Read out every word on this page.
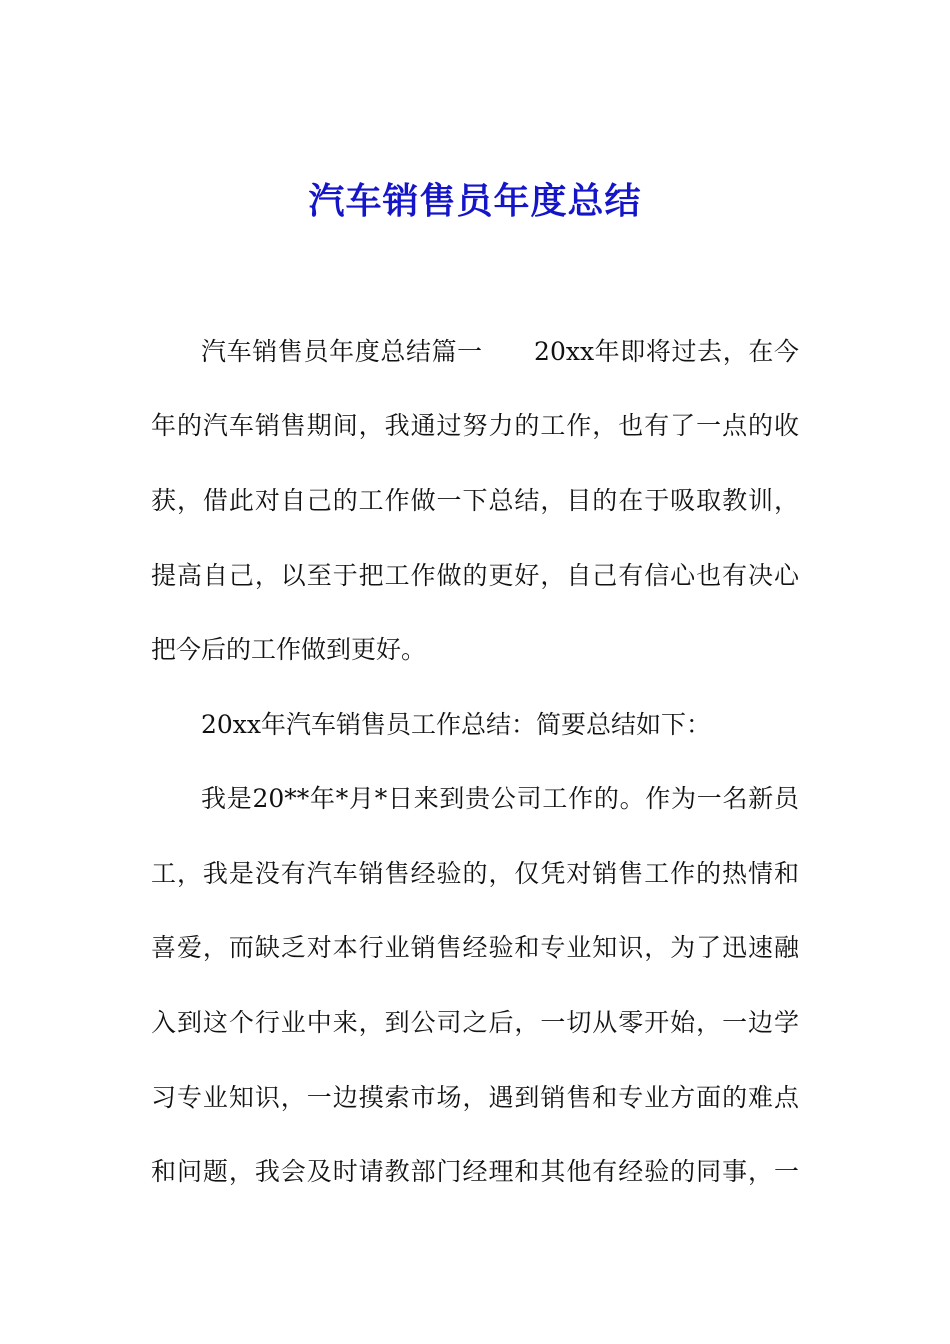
汽车销售员年度总结
汽车销售员年度总结篇一　　20xx年即将过去，在今
年的汽车销售期间，我通过努力的工作，也有了一点的收
获，借此对自己的工作做一下总结，目的在于吸取教训，
提高自己，以至于把工作做的更好，自己有信心也有决心
把今后的工作做到更好。
20xx年汽车销售员工作总结：简要总结如下：
我是20**年*月*日来到贵公司工作的。作为一名新员
工，我是没有汽车销售经验的，仅凭对销售工作的热情和
喜爱，而缺乏对本行业销售经验和专业知识，为了迅速融
入到这个行业中来，到公司之后，一切从零开始，一边学
习专业知识，一边摸索市场，遇到销售和专业方面的难点
和问题，我会及时请教部门经理和其他有经验的同事，一
